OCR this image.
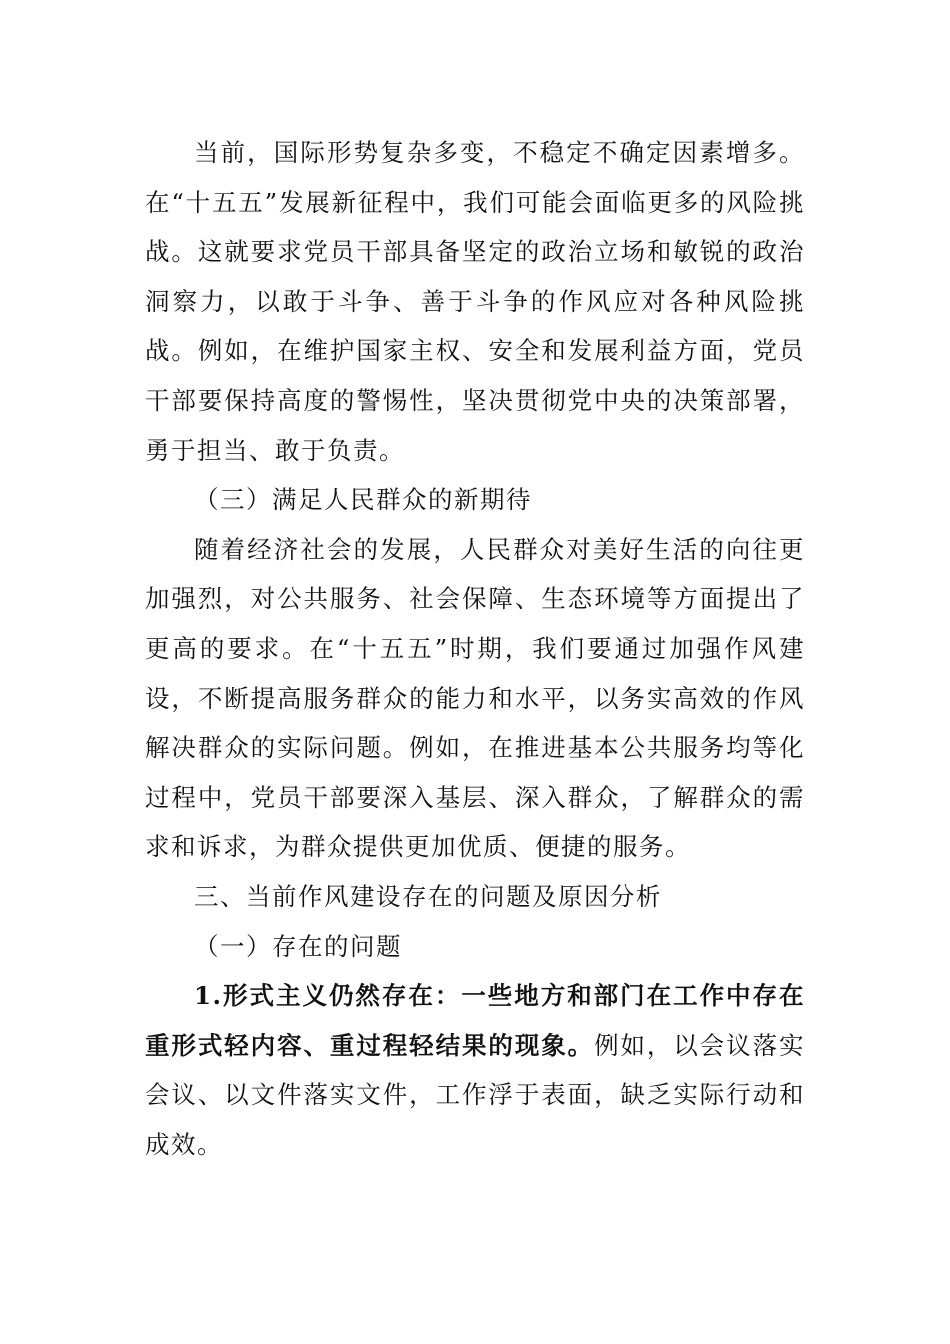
当前，国际形势复杂多变，不稳定不确定因素增多。在“十五五”发展新征程中，我们可能会面临更多的风险挑战。这就要求党员干部具备坚定的政治立场和敏锐的政治洞察力，以敢于斗争、善于斗争的作风应对各种风险挑战。例如，在维护国家主权、安全和发展利益方面，党员干部要保持高度的警惕性，坚决贯彻党中央的决策部署，勇于担当、敢于负责。

（三）满足人民群众的新期待

随着经济社会的发展，人民群众对美好生活的向往更加强烈，对公共服务、社会保障、生态环境等方面提出了更高的要求。在“十五五”时期，我们要通过加强作风建设，不断提高服务群众的能力和水平，以务实高效的作风解决群众的实际问题。例如，在推进基本公共服务均等化过程中，党员干部要深入基层、深入群众，了解群众的需求和诉求，为群众提供更加优质、便捷的服务。

三、当前作风建设存在的问题及原因分析

（一）存在的问题

1.形式主义仍然存在：一些地方和部门在工作中存在重形式轻内容、重过程轻结果的现象。例如，以会议落实会议、以文件落实文件，工作浮于表面，缺乏实际行动和成效。
